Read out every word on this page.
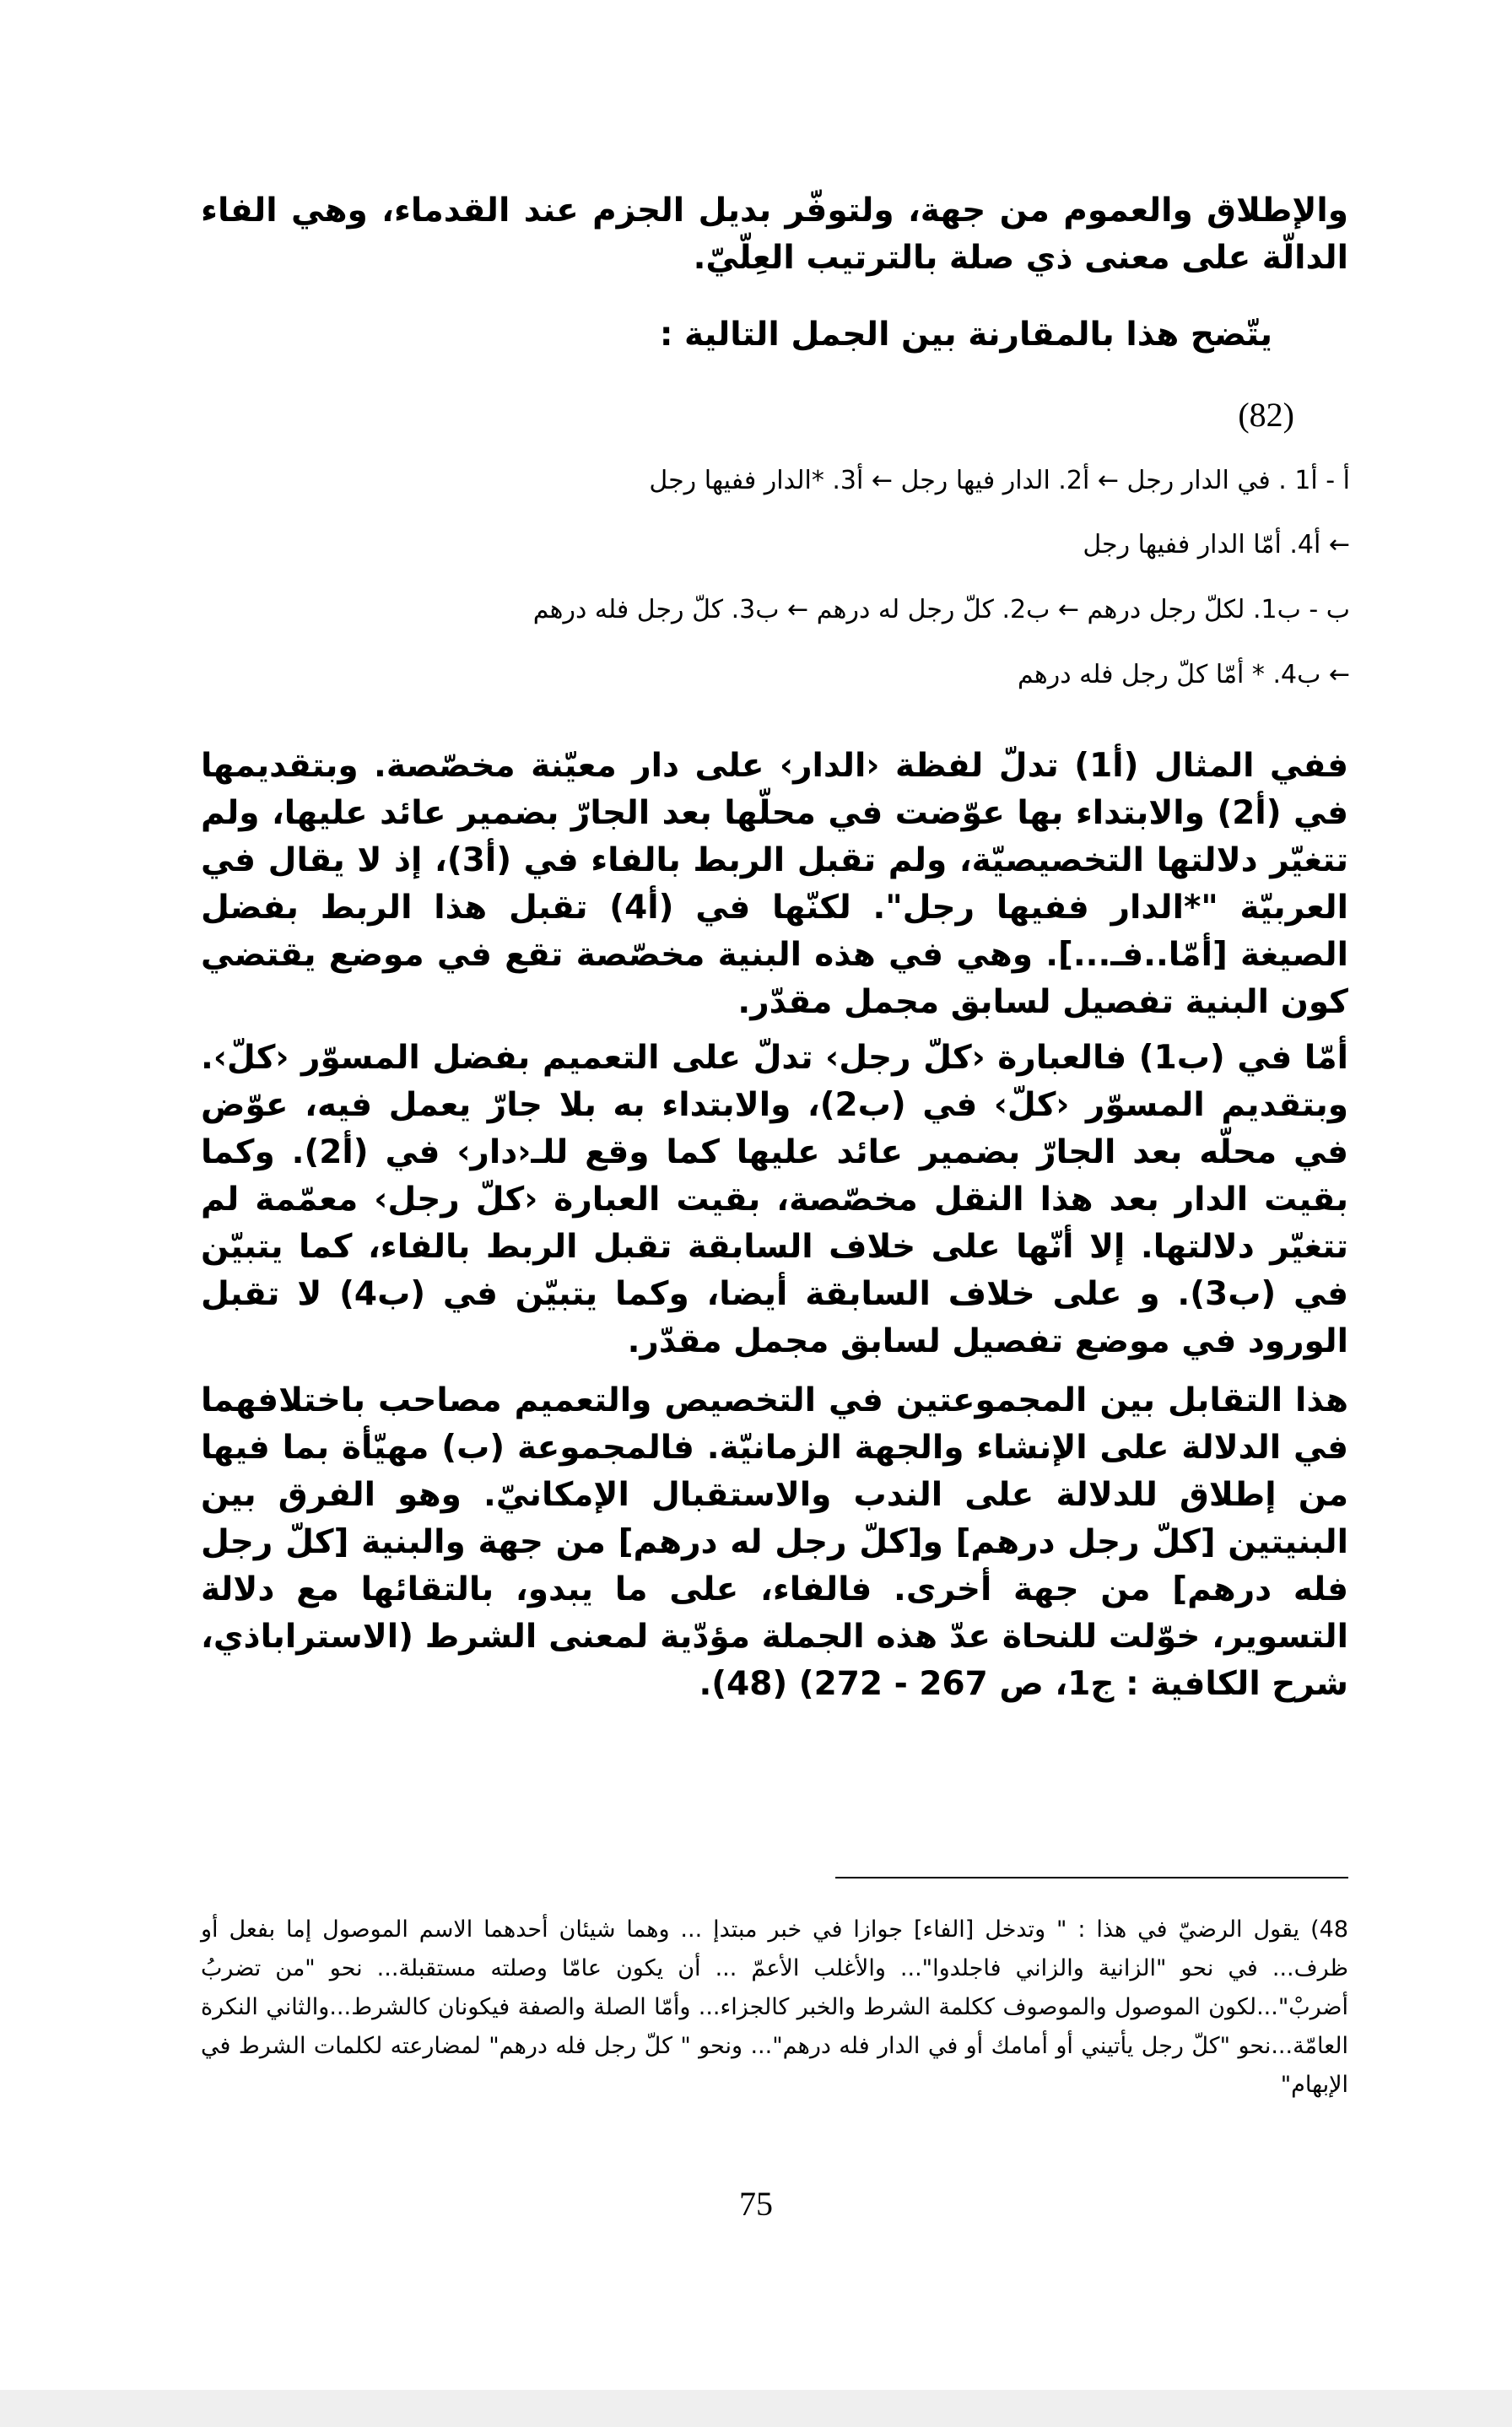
والإطلاق والعموم من جهة، ولتوفّر بديل الجزم عند القدماء، وهي الفاء الدالّة على معنى ذي صلة بالترتيب العِلّيّ.

يتّضح هذا بالمقارنة بين الجمل التالية :

(82)
أ - أ1 . في الدار رجل ← أ2. الدار فيها رجل ← أ3. *الدار ففيها رجل
← أ4. أمّا الدار ففيها رجل
ب - ب1. لكلّ رجل درهم ← ب2. كلّ رجل له درهم ← ب3. كلّ رجل فله درهم
← ب4. * أمّا كلّ رجل فله درهم

ففي المثال (أ1) تدلّ لفظة ‹الدار› على دار معيّنة مخصّصة. وبتقديمها في (أ2) والابتداء بها عوّضت في محلّها بعد الجارّ بضمير عائد عليها، ولم تتغيّر دلالتها التخصيصيّة، ولم تقبل الربط بالفاء في (أ3)، إذ لا يقال في العربيّة "*الدار ففيها رجل". لكنّها في (أ4) تقبل هذا الربط بفضل الصيغة [أمّا..فـ...]. وهي في هذه البنية مخصّصة تقع في موضع يقتضي كون البنية تفصيل لسابق مجمل مقدّر.

أمّا في (ب1) فالعبارة ‹كلّ رجل› تدلّ على التعميم بفضل المسوّر ‹كلّ›. وبتقديم المسوّر ‹كلّ› في (ب2)، والابتداء به بلا جارّ يعمل فيه، عوّض في محلّه بعد الجارّ بضمير عائد عليها كما وقع للـ‹دار› في (أ2). وكما بقيت الدار بعد هذا النقل مخصّصة، بقيت العبارة ‹كلّ رجل› معمّمة لم تتغيّر دلالتها. إلا أنّها على خلاف السابقة تقبل الربط بالفاء، كما يتبيّن في (ب3). و على خلاف السابقة أيضا، وكما يتبيّن في (ب4) لا تقبل الورود في موضع تفصيل لسابق مجمل مقدّر.

هذا التقابل بين المجموعتين في التخصيص والتعميم مصاحب باختلافهما في الدلالة على الإنشاء والجهة الزمانيّة. فالمجموعة (ب) مهيّأة بما فيها من إطلاق للدلالة على الندب والاستقبال الإمكانيّ. وهو الفرق بين البنيتين [كلّ رجل درهم] و[كلّ رجل له درهم] من جهة والبنية [كلّ رجل فله درهم] من جهة أخرى. فالفاء، على ما يبدو، بالتقائها مع دلالة التسوير، خوّلت للنحاة عدّ هذه الجملة مؤدّية لمعنى الشرط (الاستراباذي، شرح الكافية : ج1، ص 267 - 272) (48).

48) يقول الرضيّ في هذا : " وتدخل [الفاء] جوازا في خبر مبتدإ ... وهما شيئان أحدهما الاسم الموصول إما بفعل أو ظرف... في نحو "الزانية والزاني فاجلدوا"... والأغلب الأعمّ ... أن يكون عامّا وصلته مستقبلة... نحو "من تضربُ أضربْ"...لكون الموصول والموصوف ككلمة الشرط والخبر كالجزاء... وأمّا الصلة والصفة فيكونان كالشرط...والثاني النكرة العامّة...نحو "كلّ رجل يأتيني أو أمامك أو في الدار فله درهم"... ونحو " كلّ رجل فله درهم" لمضارعته لكلمات الشرط في الإبهام"

75
